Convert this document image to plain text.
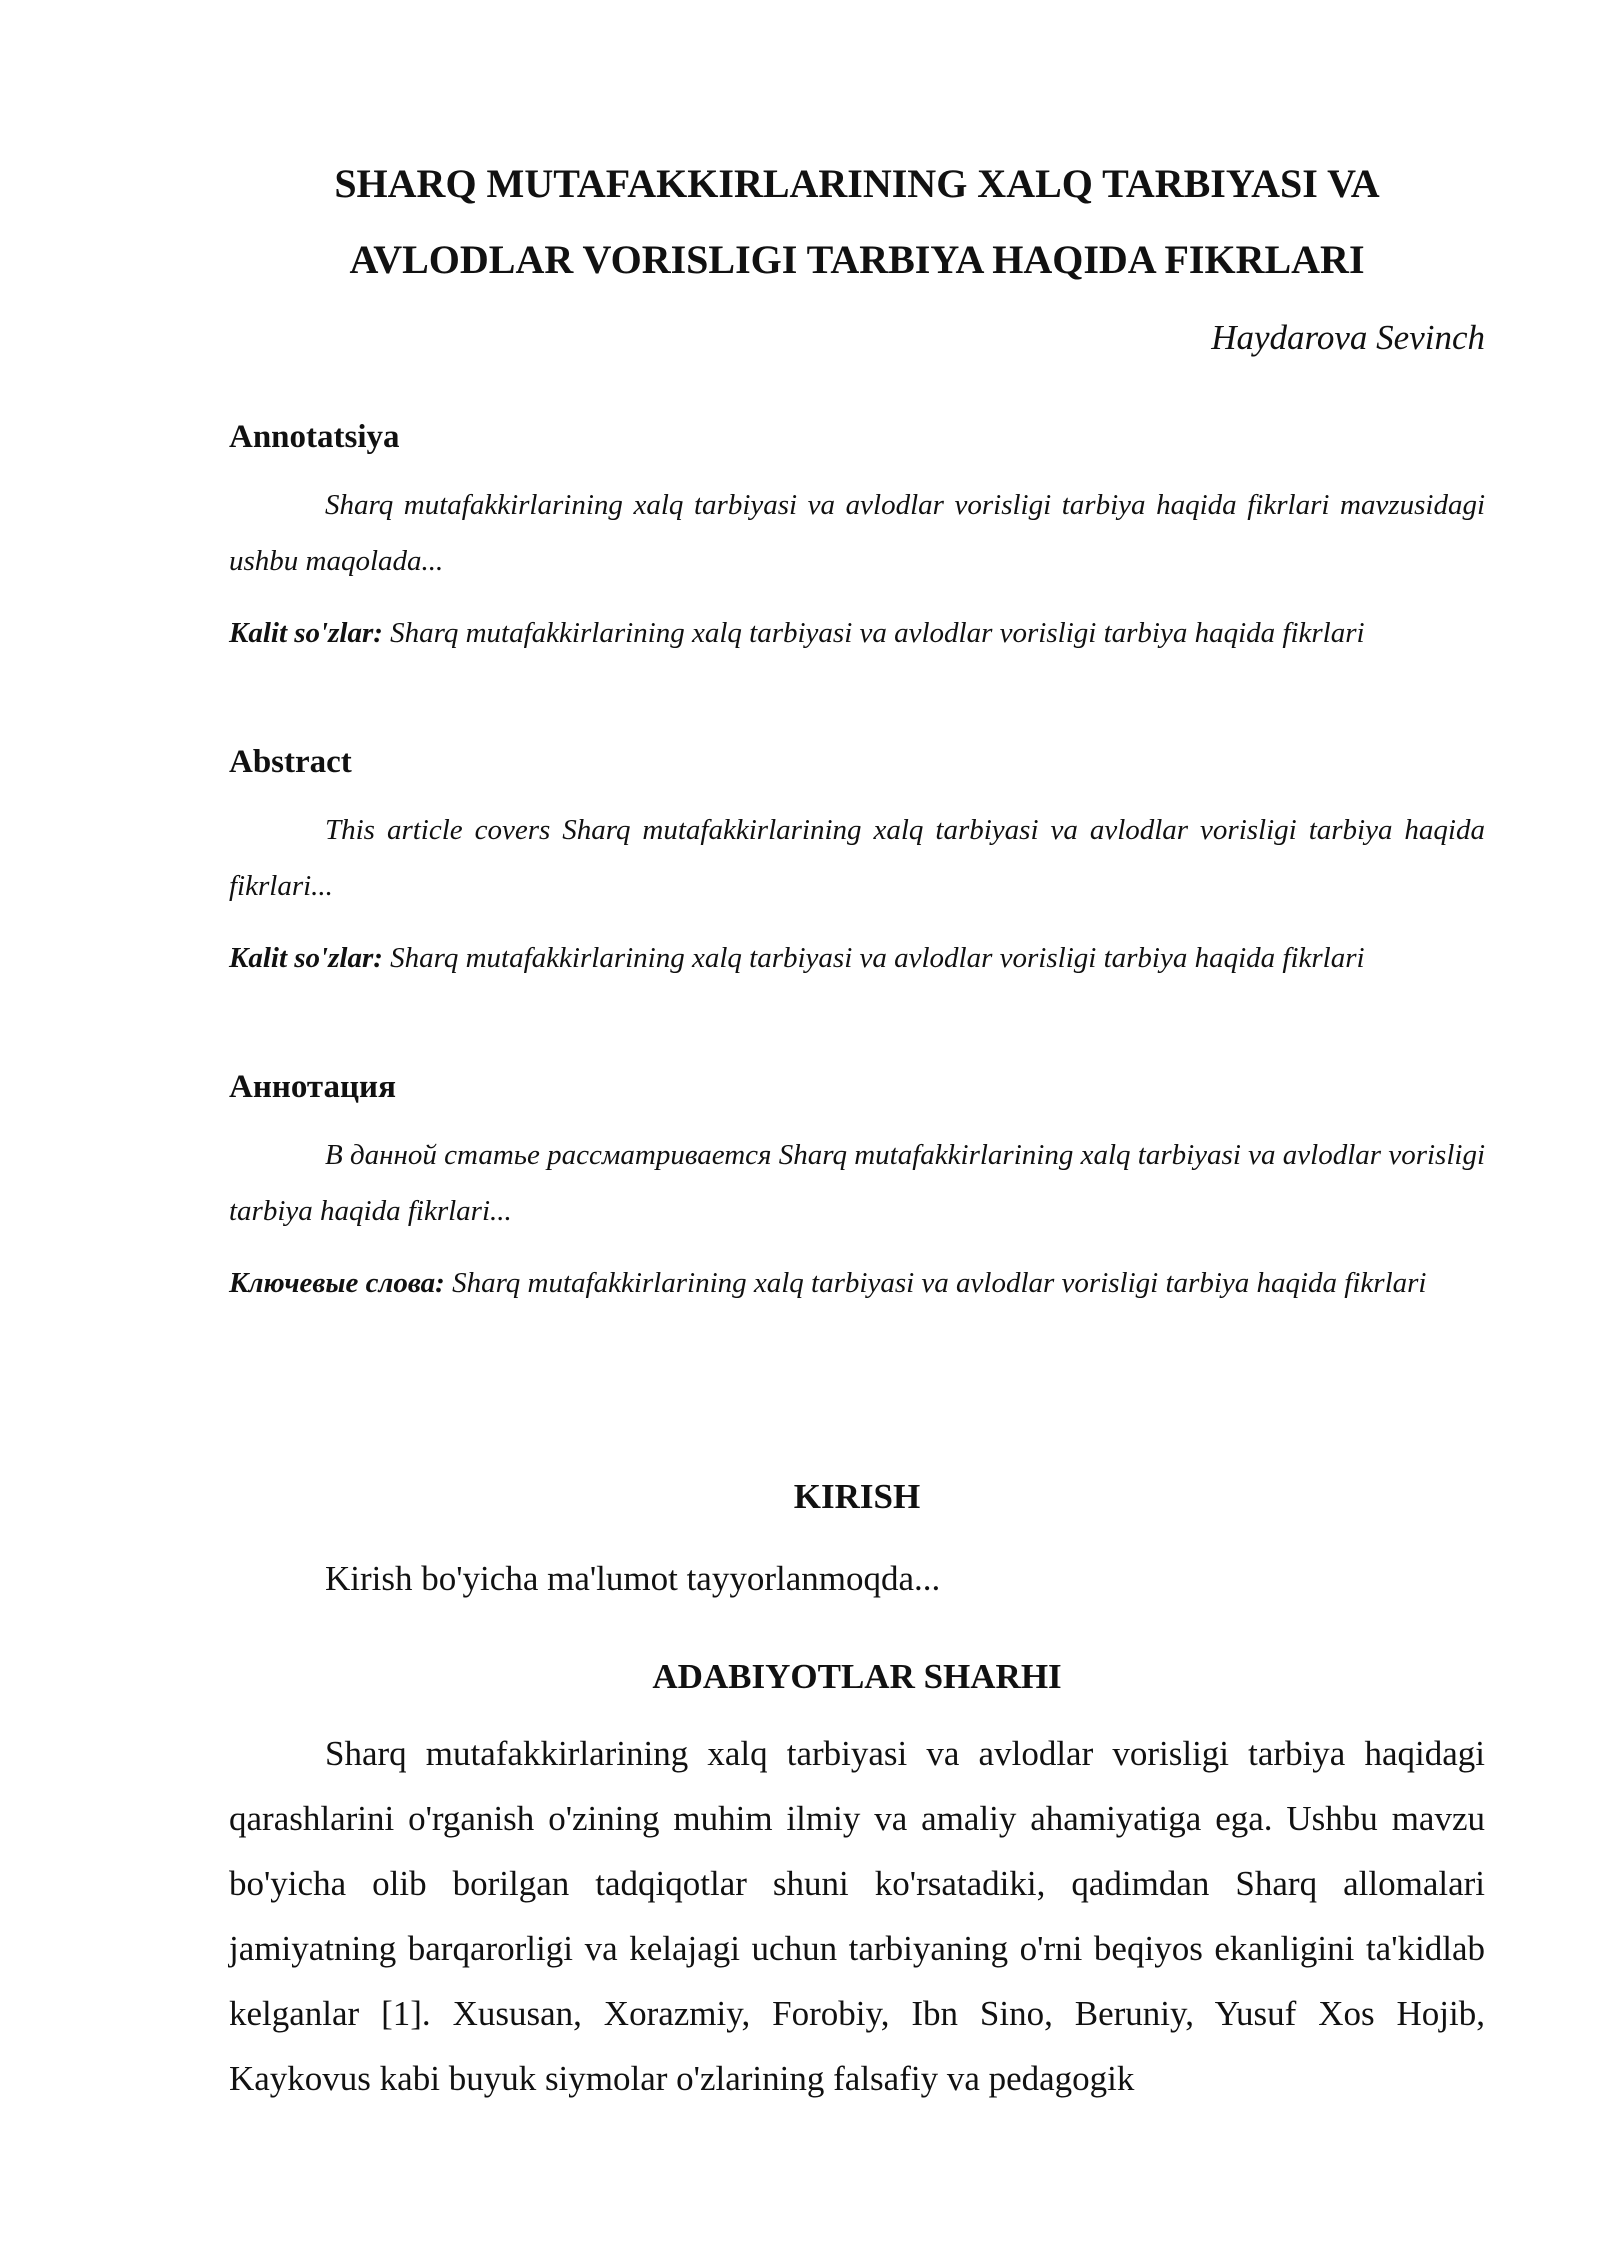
SHARQ MUTAFAKKIRLARINING XALQ TARBIYASI VA
AVLODLAR VORISLIGI TARBIYA HAQIDA FIKRLARI

Haydarova Sevinch

Annotatsiya

Sharq mutafakkirlarining xalq tarbiyasi va avlodlar vorisligi tarbiya haqida fikrlari mavzusidagi ushbu maqolada...

Kalit so'zlar: Sharq mutafakkirlarining xalq tarbiyasi va avlodlar vorisligi tarbiya haqida fikrlari

Abstract

This article covers Sharq mutafakkirlarining xalq tarbiyasi va avlodlar vorisligi tarbiya haqida fikrlari...

Kalit so'zlar: Sharq mutafakkirlarining xalq tarbiyasi va avlodlar vorisligi tarbiya haqida fikrlari

Аннотация

В данной статье рассматривается Sharq mutafakkirlarining xalq tarbiyasi va avlodlar vorisligi tarbiya haqida fikrlari...

Ключевые слова: Sharq mutafakkirlarining xalq tarbiyasi va avlodlar vorisligi tarbiya haqida fikrlari

KIRISH

Kirish bo'yicha ma'lumot tayyorlanmoqda...

ADABIYOTLAR SHARHI

Sharq mutafakkirlarining xalq tarbiyasi va avlodlar vorisligi tarbiya haqidagi qarashlarini o'rganish o'zining muhim ilmiy va amaliy ahamiyatiga ega. Ushbu mavzu bo'yicha olib borilgan tadqiqotlar shuni ko'rsatadiki, qadimdan Sharq allomalari jamiyatning barqarorligi va kelajagi uchun tarbiyaning o'rni beqiyos ekanligini ta'kidlab kelganlar [1]. Xususan, Xorazmiy, Forobiy, Ibn Sino, Beruniy, Yusuf Xos Hojib, Kaykovus kabi buyuk siymolar o'zlarining falsafiy va pedagogik
